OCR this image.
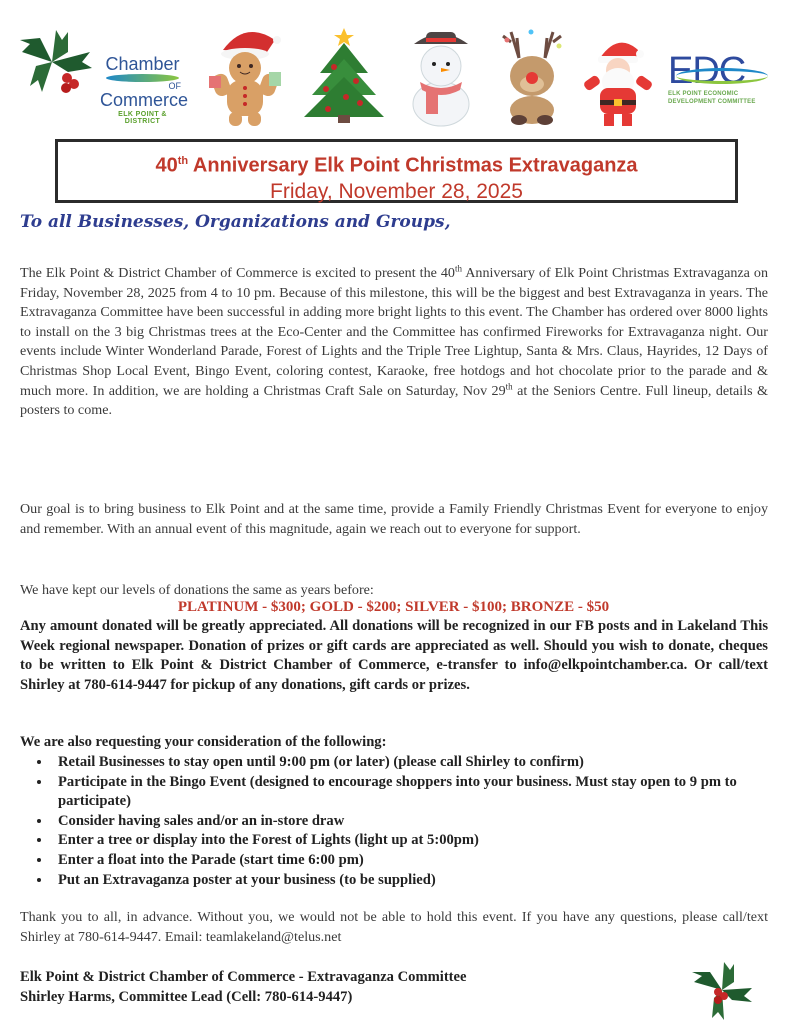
Chamber
OF
Commerce
ELK POINT & DISTRICT
EDC
ELK POINT ECONOMIC
DEVELOPMENT COMMITTEE
40th Anniversary Elk Point Christmas Extravaganza
Friday, November 28, 2025
To all Businesses, Organizations and Groups,
The Elk Point & District Chamber of Commerce is excited to present the 40th Anniversary of Elk Point Christmas Extravaganza on Friday, November 28, 2025 from 4 to 10 pm. Because of this milestone, this will be the biggest and best Extravaganza in years. The Extravaganza Committee have been successful in adding more bright lights to this event. The Chamber has ordered over 8000 lights to install on the 3 big Christmas trees at the Eco-Center and the Committee has confirmed Fireworks for Extravaganza night. Our events include Winter Wonderland Parade, Forest of Lights and the Triple Tree Lightup, Santa & Mrs. Claus, Hayrides, 12 Days of Christmas Shop Local Event, Bingo Event, coloring contest, Karaoke, free hotdogs and hot chocolate prior to the parade and & much more. In addition, we are holding a Christmas Craft Sale on Saturday, Nov 29th at the Seniors Centre. Full lineup, details & posters to come.
Our goal is to bring business to Elk Point and at the same time, provide a Family Friendly Christmas Event for everyone to enjoy and remember. With an annual event of this magnitude, again we reach out to everyone for support.
We have kept our levels of donations the same as years before:
PLATINUM - $300; GOLD - $200; SILVER - $100; BRONZE - $50
Any amount donated will be greatly appreciated. All donations will be recognized in our FB posts and in Lakeland This Week regional newspaper. Donation of prizes or gift cards are appreciated as well. Should you wish to donate, cheques to be written to Elk Point & District Chamber of Commerce, e-transfer to info@elkpointchamber.ca. Or call/text Shirley at 780-614-9447 for pickup of any donations, gift cards or prizes.
We are also requesting your consideration of the following:
• Retail Businesses to stay open until 9:00 pm (or later) (please call Shirley to confirm)
• Participate in the Bingo Event (designed to encourage shoppers into your business. Must stay open to 9 pm to participate)
• Consider having sales and/or an in-store draw
• Enter a tree or display into the Forest of Lights (light up at 5:00pm)
• Enter a float into the Parade (start time 6:00 pm)
• Put an Extravaganza poster at your business (to be supplied)
Thank you to all, in advance. Without you, we would not be able to hold this event. If you have any questions, please call/text Shirley at 780-614-9447. Email: teamlakeland@telus.net
Elk Point & District Chamber of Commerce - Extravaganza Committee
Shirley Harms, Committee Lead (Cell: 780-614-9447)
